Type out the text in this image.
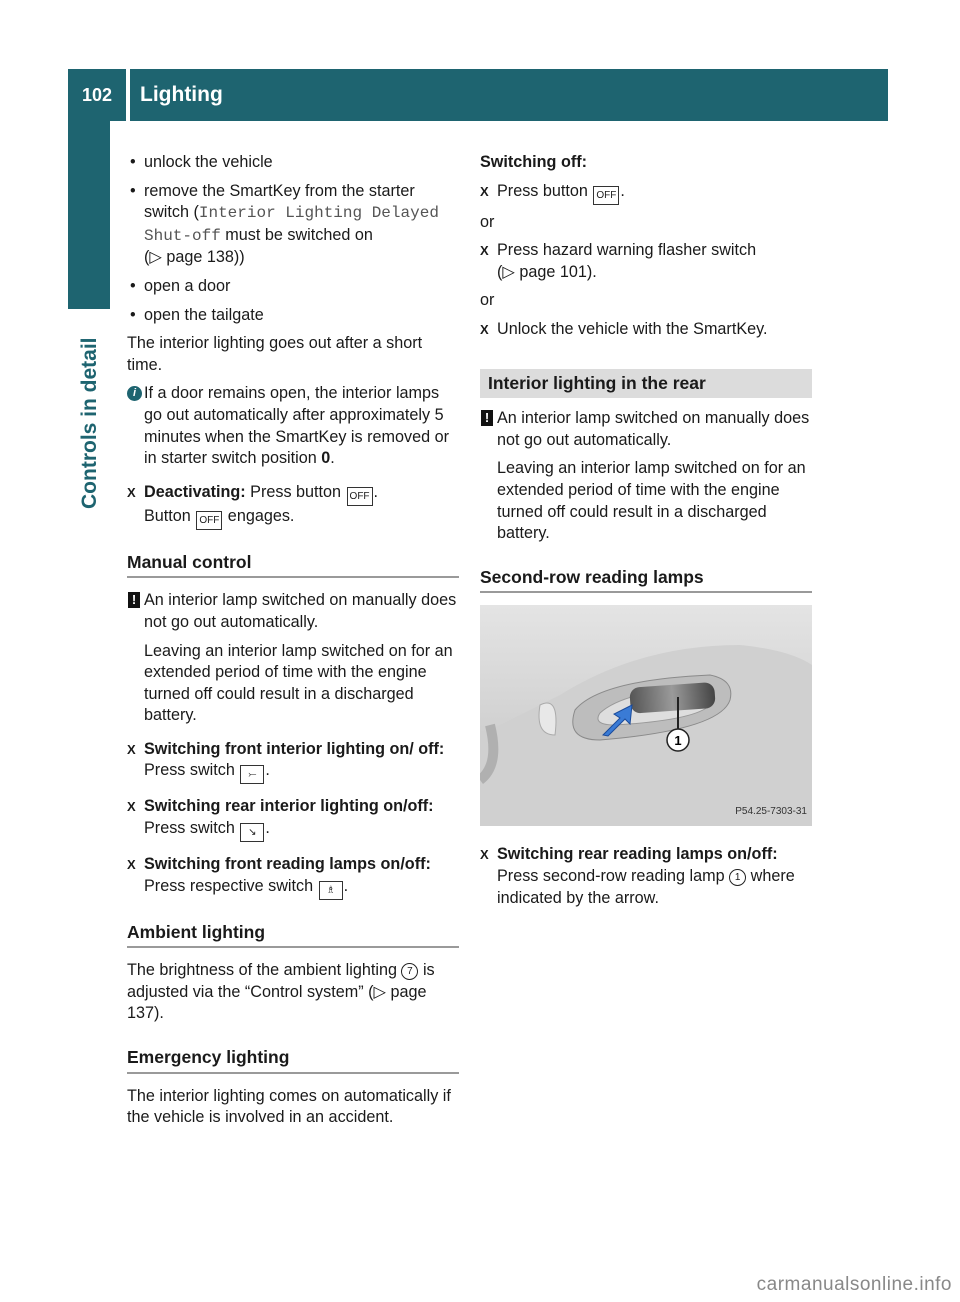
102	Lighting
Controls in detail
• unlock the vehicle
• remove the SmartKey from the starter switch (Interior Lighting Delayed Shut-off must be switched on
(▷ page 138))
• open a door
• open the tailgate

The interior lighting goes out after a short time.

i If a door remains open, the interior lamps go out automatically after approximately 5 minutes when the SmartKey is removed or in starter switch position 0.
X Deactivating: Press button OFF .
Button OFF engages.
Manual control
! An interior lamp switched on manually does not go out automatically.

Leaving an interior lamp switched on for an extended period of time with the engine turned off could result in a discharged battery.

X Switching front interior lighting on/ off: Press switch ⤚ .
X Switching rear interior lighting on/off:
Press switch ↘ .
X Switching front reading lamps on/off:
Press respective switch ♗ .
Ambient lighting

The brightness of the ambient lighting 7 is adjusted via the “Control system” (▷ page 137).

Emergency lighting

The interior lighting comes on automatically if the vehicle is involved in an accident.

Switching off:

X Press button OFF .

or

X Press hazard warning flasher switch
(▷ page 101).

or

X Unlock the vehicle with the SmartKey.
Interior lighting in the rear
! An interior lamp switched on manually does not go out automatically.

Leaving an interior lamp switched on for an extended period of time with the engine turned off could result in a discharged battery.

Second-row reading lamps
1
P54.25-7303-31
X Switching rear reading lamps on/off:
Press second-row reading lamp 1 where indicated by the arrow.
carmanualsonline.info
